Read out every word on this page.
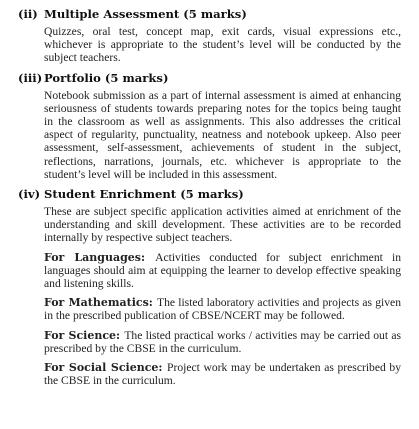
(ii) Multiple Assessment (5 marks)

Quizzes, oral test, concept map, exit cards, visual expressions etc., whichever is appropriate to the student’s level will be conducted by the subject teachers.

(iii) Portfolio (5 marks)

Notebook submission as a part of internal assessment is aimed at enhancing seriousness of students towards preparing notes for the topics being taught in the classroom as well as assignments. This also addresses the critical aspect of regularity, punctuality, neatness and notebook upkeep. Also peer assessment, self-assessment, achievements of student in the subject, reflections, narrations, journals, etc. whichever is appropriate to the student’s level will be included in this assessment.

(iv) Student Enrichment (5 marks)

These are subject specific application activities aimed at enrichment of the understanding and skill development. These activities are to be recorded internally by respective subject teachers.

For Languages: Activities conducted for subject enrichment in languages should aim at equipping the learner to develop effective speaking and listening skills.

For Mathematics: The listed laboratory activities and projects as given in the prescribed publication of CBSE/NCERT may be followed.

For Science: The listed practical works / activities may be carried out as prescribed by the CBSE in the curriculum.

For Social Science: Project work may be undertaken as prescribed by the CBSE in the curriculum.
